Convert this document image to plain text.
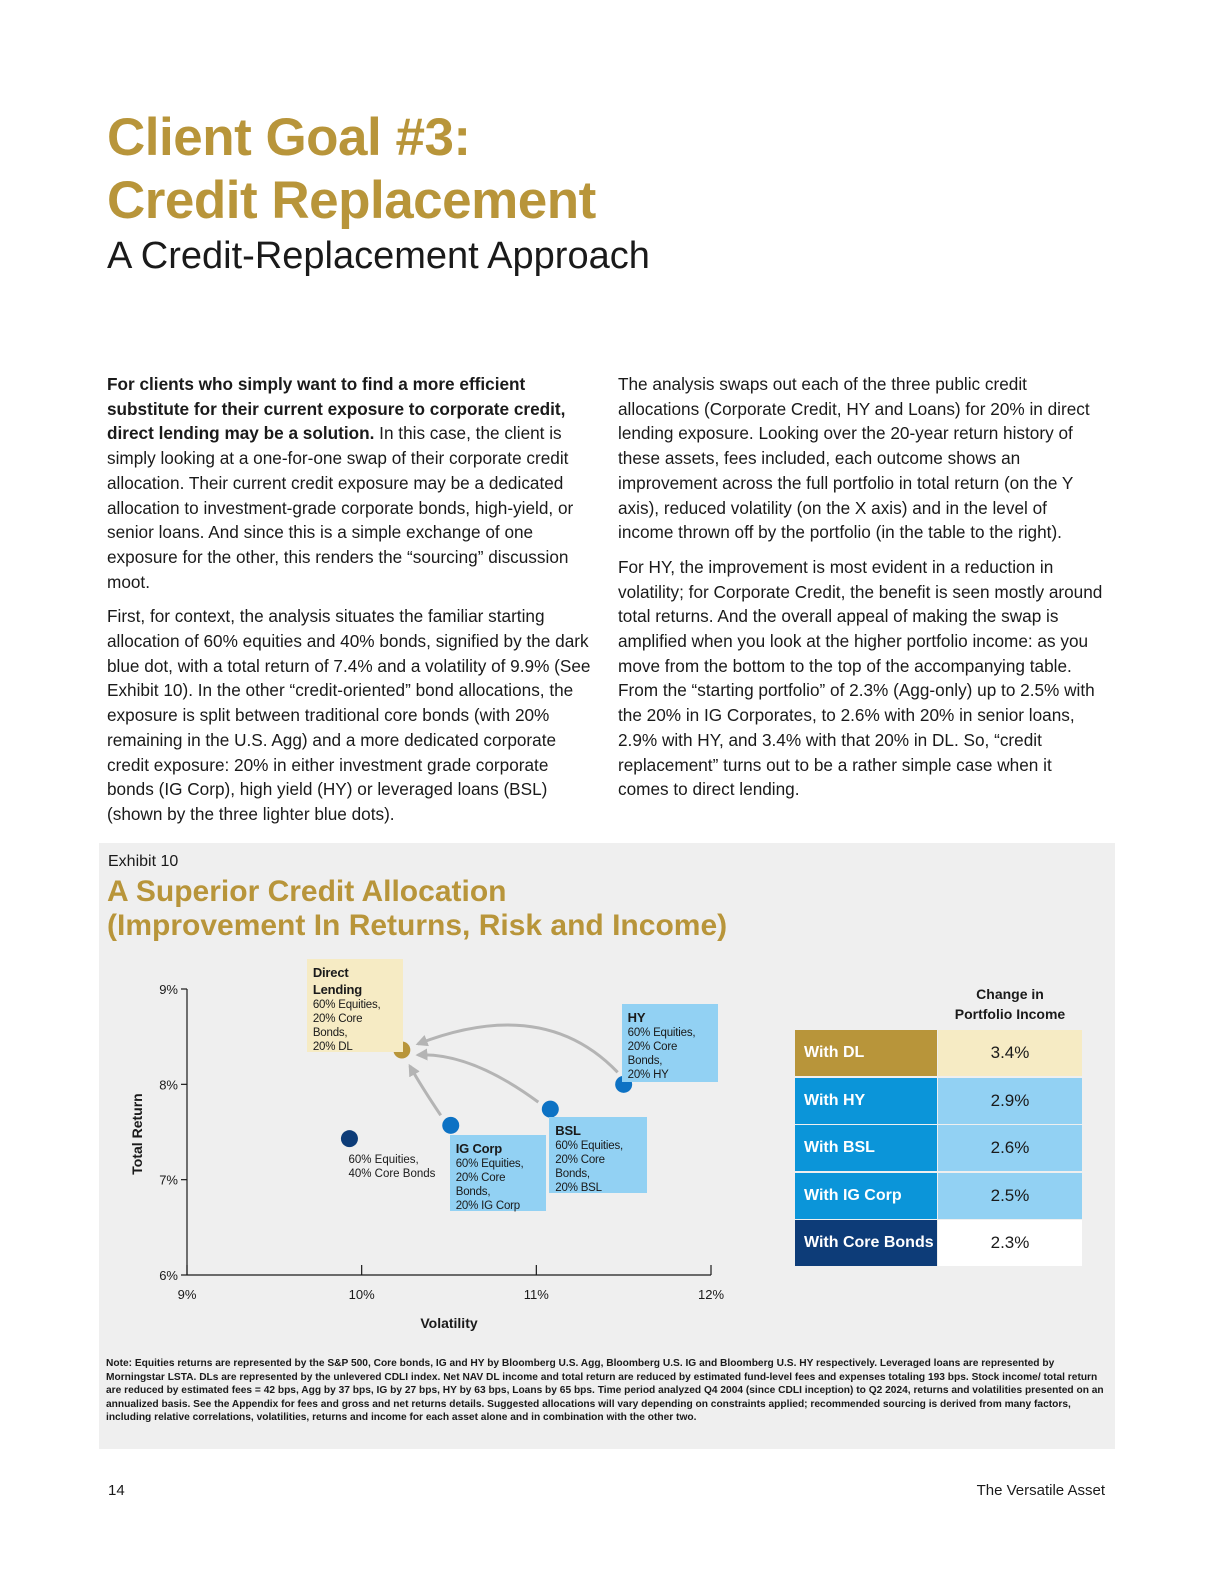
Client Goal #3:
Credit Replacement
A Credit-Replacement Approach

For clients who simply want to find a more efficient substitute for their current exposure to corporate credit, direct lending may be a solution. In this case, the client is simply looking at a one-for-one swap of their corporate credit allocation. Their current credit exposure may be a dedicated allocation to investment-grade corporate bonds, high-yield, or senior loans. And since this is a simple exchange of one exposure for the other, this renders the “sourcing” discussion moot.

First, for context, the analysis situates the familiar starting allocation of 60% equities and 40% bonds, signified by the dark blue dot, with a total return of 7.4% and a volatility of 9.9% (See Exhibit 10). In the other “credit-oriented” bond allocations, the exposure is split between traditional core bonds (with 20% remaining in the U.S. Agg) and a more dedicated corporate credit exposure: 20% in either investment grade corporate bonds (IG Corp), high yield (HY) or leveraged loans (BSL) (shown by the three lighter blue dots).

The analysis swaps out each of the three public credit allocations (Corporate Credit, HY and Loans) for 20% in direct lending exposure. Looking over the 20-year return history of these assets, fees included, each outcome shows an improvement across the full portfolio in total return (on the Y axis), reduced volatility (on the X axis) and in the level of income thrown off by the portfolio (in the table to the right).

For HY, the improvement is most evident in a reduction in volatility; for Corporate Credit, the benefit is seen mostly around total returns. And the overall appeal of making the swap is amplified when you look at the higher portfolio income: as you move from the bottom to the top of the accompanying table. From the “starting portfolio” of 2.3% (Agg-only) up to 2.5% with the 20% in IG Corporates, to 2.6% with 20% in senior loans, 2.9% with HY, and 3.4% with that 20% in DL. So, “credit replacement” turns out to be a rather simple case when it comes to direct lending.

Exhibit 10
A Superior Credit Allocation
(Improvement In Returns, Risk and Income)
6%
7%
8%
9%
9%	10%	11%	12%
Volatility
Total Return	60% Equities,
40% Core Bonds
IG Corp
60% Equities,
20% Core Bonds,
20% IG Corp
BSL
60% Equities,
20% Core Bonds,
20% BSL
HY
60% Equities,
20% Core Bonds,
20% HY
Direct
Lending
60% Equities,
20% Core Bonds,
20% DL
Change in
Portfolio Income
With DL	3.4%
With HY	2.9%
With BSL	2.6%
With IG Corp	2.5%
With Core Bonds	2.3%
Note: Equities returns are represented by the S&P 500, Core bonds, IG and HY by Bloomberg U.S. Agg, Bloomberg U.S. IG and Bloomberg U.S. HY respectively. Leveraged loans are represented by Morningstar LSTA. DLs are represented by the unlevered CDLI index. Net NAV DL income and total return are reduced by estimated fund-level fees and expenses totaling 193 bps. Stock income/ total return are reduced by estimated fees = 42 bps, Agg by 37 bps, IG by 27 bps, HY by 63 bps, Loans by 65 bps. Time period analyzed Q4 2004 (since CDLI inception) to Q2 2024, returns and volatilities presented on an annualized basis. See the Appendix for fees and gross and net returns details. Suggested allocations will vary depending on constraints applied; recommended sourcing is derived from many factors, including relative correlations, volatilities, returns and income for each asset alone and in combination with the other two.
14	The Versatile Asset
